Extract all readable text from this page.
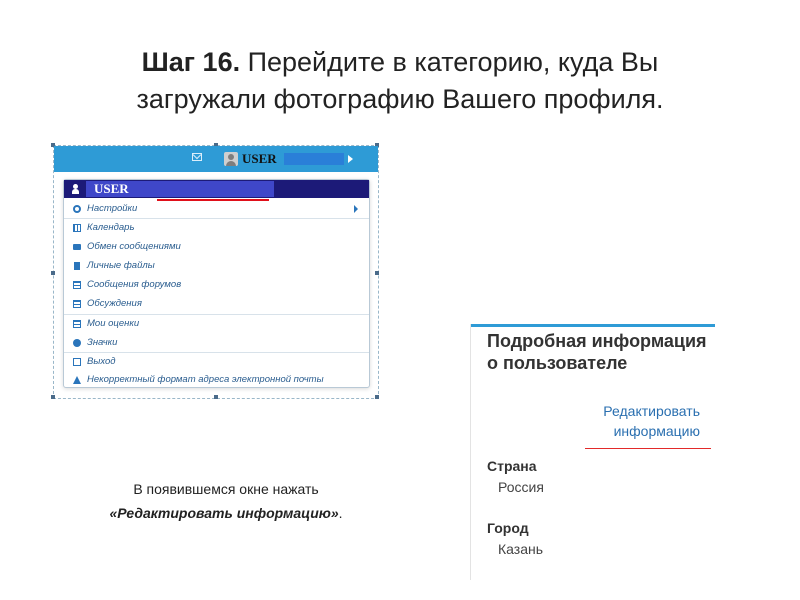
Шаг 16. Перейдите в категорию, куда Вы
загружали фотографию Вашего профиля.
USER
USER
Настройки
Календарь
Обмен сообщениями
Личные файлы
Сообщения форумов
Обсуждения
Мои оценки
Значки
Выход
Некорректный формат адреса электронной почты
В появившемся окне нажать
«Редактировать информацию».
Подробная информация о пользователе
Редактировать
информацию
Страна
Россия
Город
Казань
